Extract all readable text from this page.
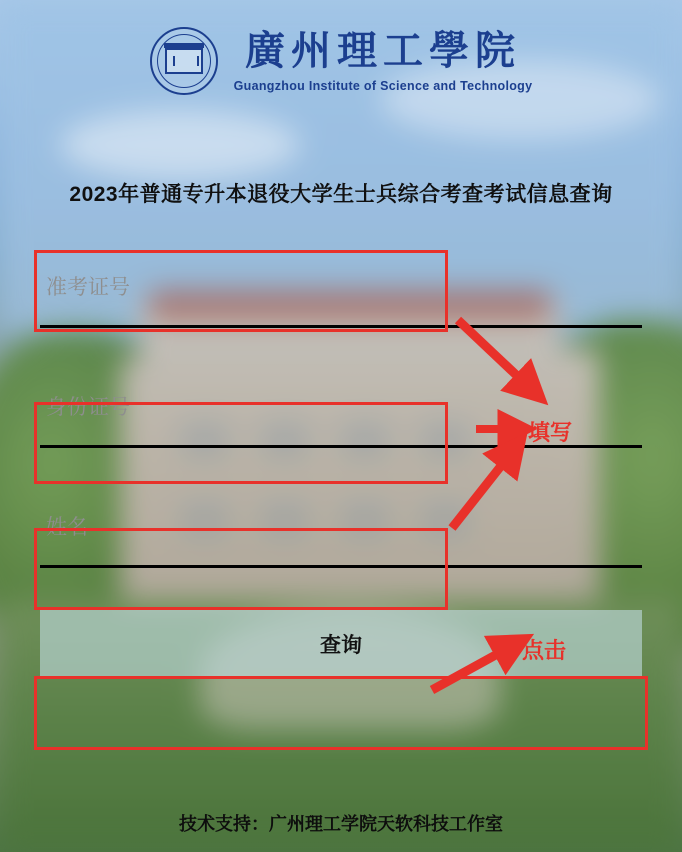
廣州理工學院
Guangzhou Institute of Science and Technology
2023年普通专升本退役大学生士兵综合考查考试信息查询
准考证号
身份证号
姓名
查询
技术支持：广州理工学院天软科技工作室
填写
点击
